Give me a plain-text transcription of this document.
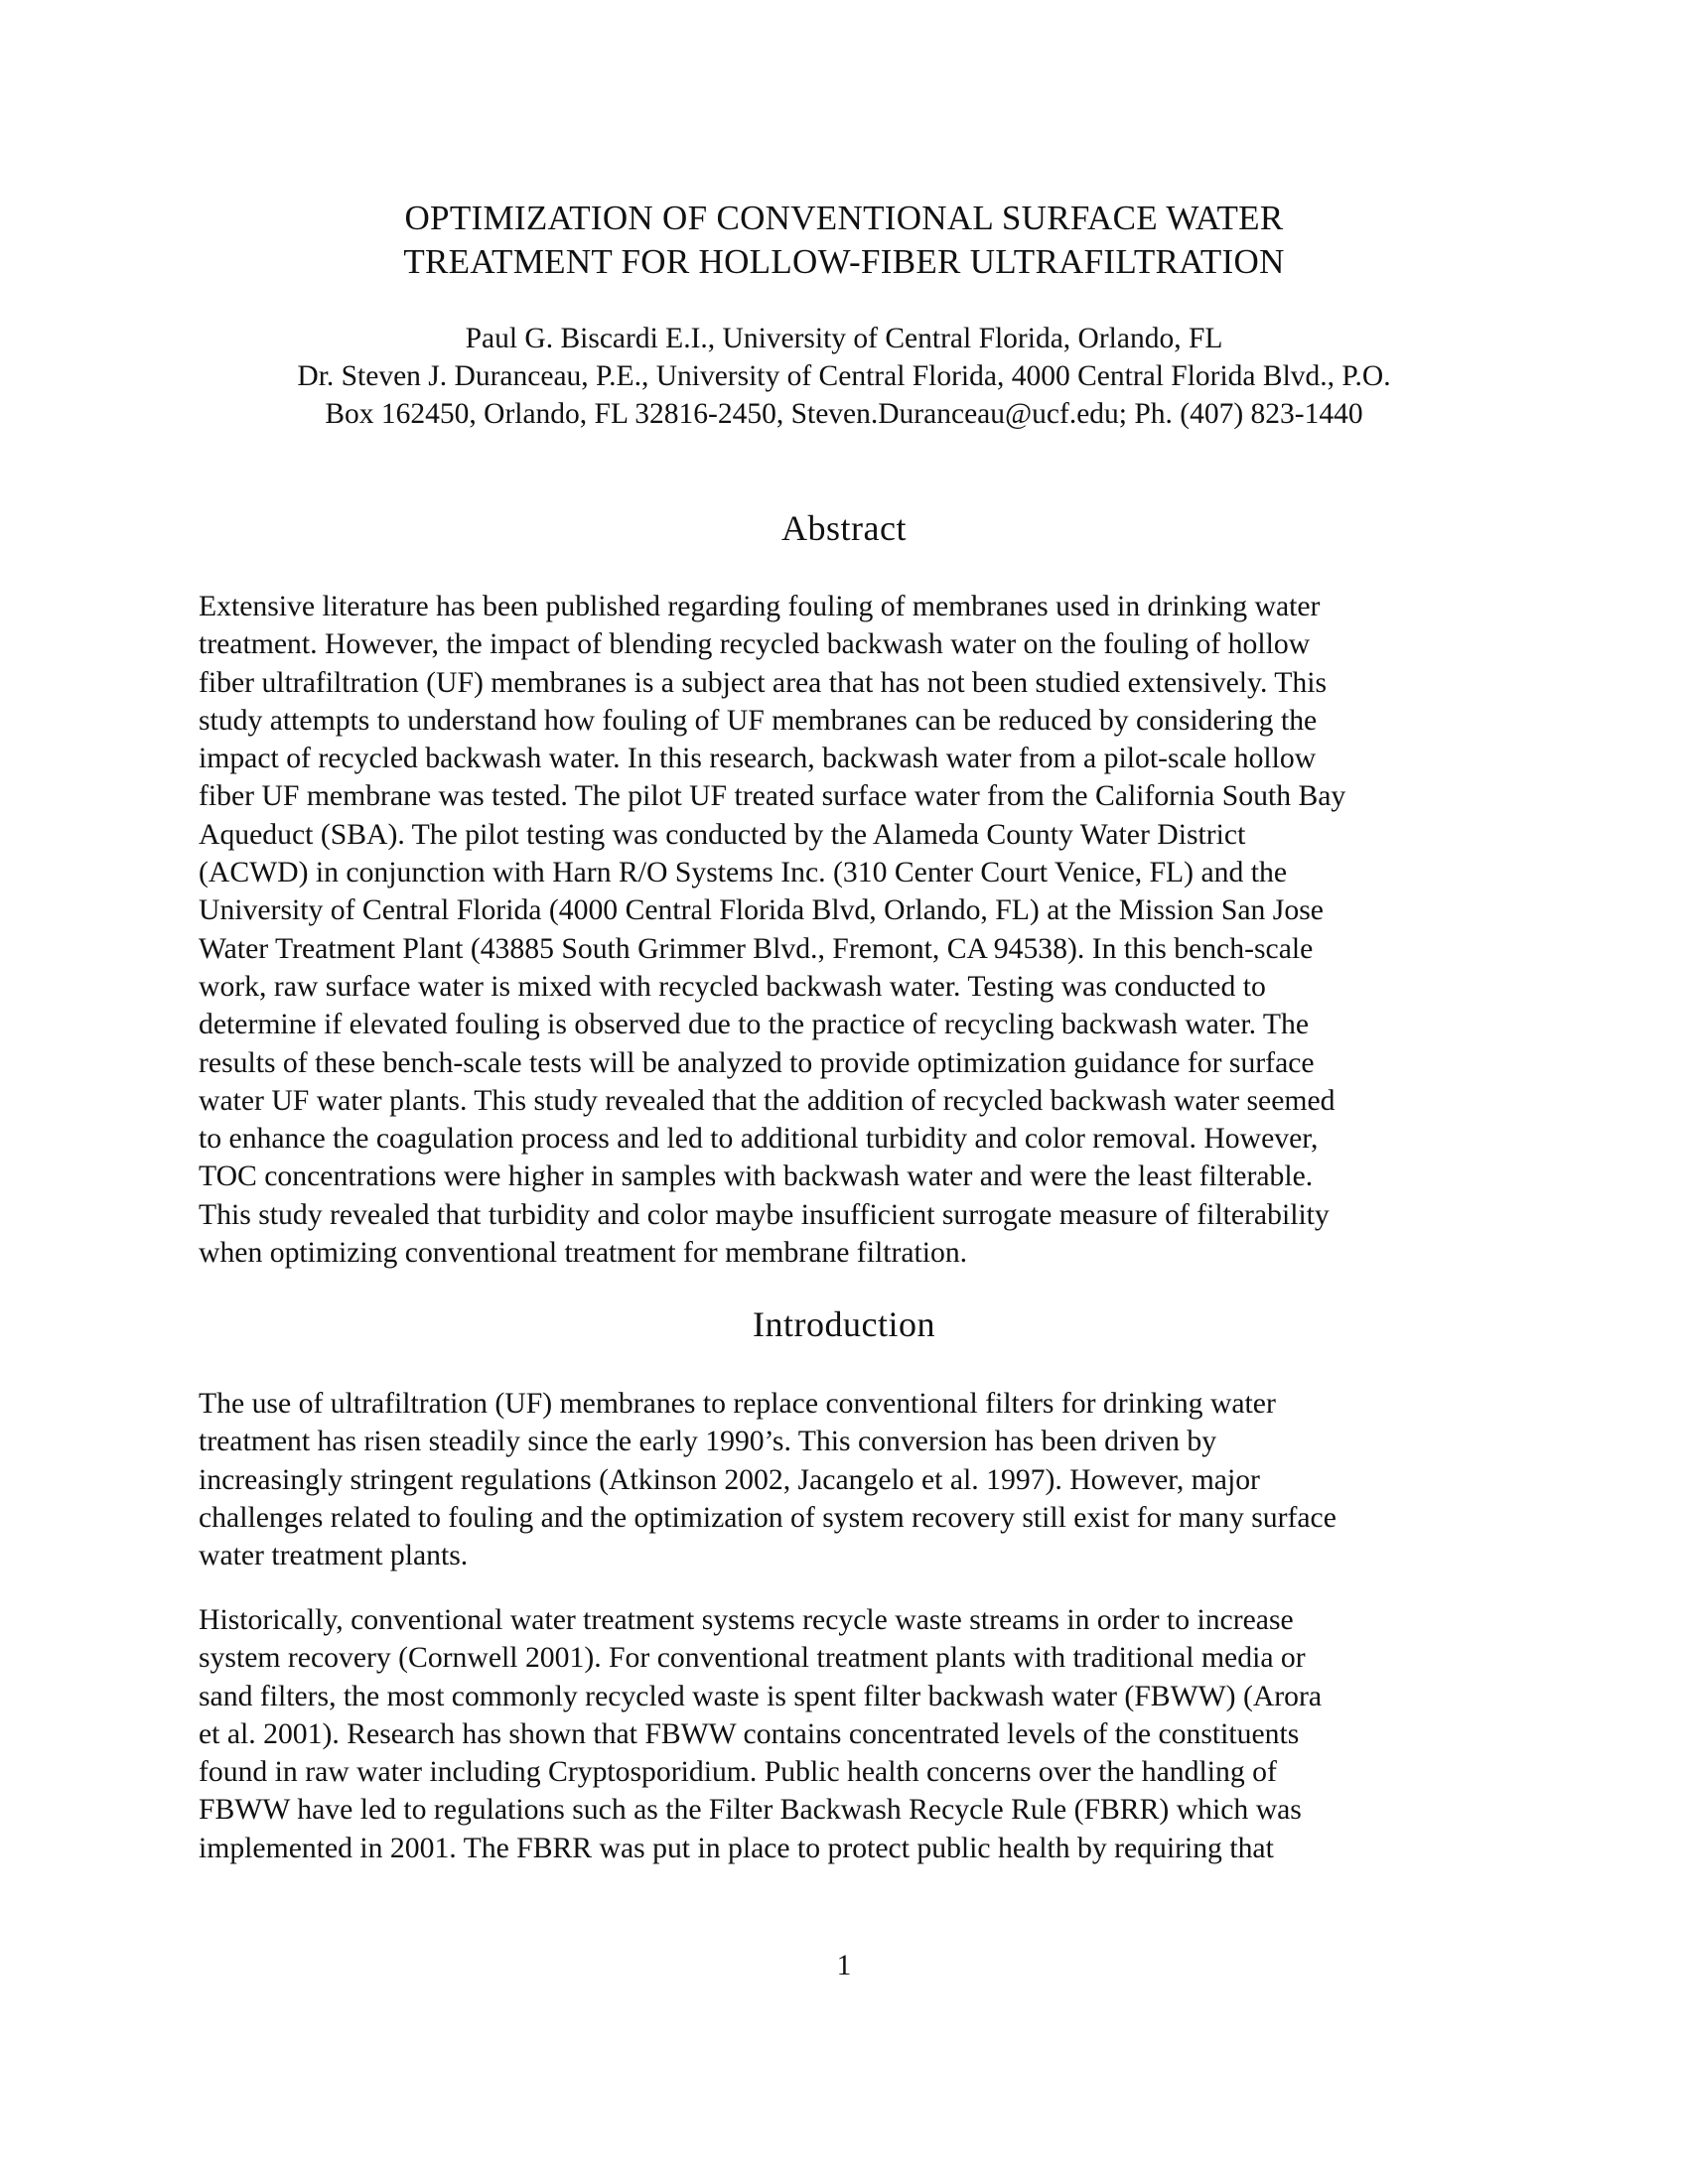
OPTIMIZATION OF CONVENTIONAL SURFACE WATER
TREATMENT FOR HOLLOW-FIBER ULTRAFILTRATION
Paul G. Biscardi E.I., University of Central Florida, Orlando, FL
Dr. Steven J. Duranceau, P.E., University of Central Florida, 4000 Central Florida Blvd., P.O.
Box 162450, Orlando, FL 32816-2450, Steven.Duranceau@ucf.edu; Ph. (407) 823-1440
Abstract
Extensive literature has been published regarding fouling of membranes used in drinking water
treatment. However, the impact of blending recycled backwash water on the fouling of hollow
fiber ultrafiltration (UF) membranes is a subject area that has not been studied extensively. This
study attempts to understand how fouling of UF membranes can be reduced by considering the
impact of recycled backwash water. In this research, backwash water from a pilot-scale hollow
fiber UF membrane was tested. The pilot UF treated surface water from the California South Bay
Aqueduct (SBA). The pilot testing was conducted by the Alameda County Water District
(ACWD) in conjunction with Harn R/O Systems Inc. (310 Center Court Venice, FL) and the
University of Central Florida (4000 Central Florida Blvd, Orlando, FL) at the Mission San Jose
Water Treatment Plant (43885 South Grimmer Blvd., Fremont, CA 94538). In this bench-scale
work, raw surface water is mixed with recycled backwash water. Testing was conducted to
determine if elevated fouling is observed due to the practice of recycling backwash water. The
results of these bench-scale tests will be analyzed to provide optimization guidance for surface
water UF water plants. This study revealed that the addition of recycled backwash water seemed
to enhance the coagulation process and led to additional turbidity and color removal. However,
TOC concentrations were higher in samples with backwash water and were the least filterable.
This study revealed that turbidity and color maybe insufficient surrogate measure of filterability
when optimizing conventional treatment for membrane filtration.
Introduction
The use of ultrafiltration (UF) membranes to replace conventional filters for drinking water
treatment has risen steadily since the early 1990’s. This conversion has been driven by
increasingly stringent regulations (Atkinson 2002, Jacangelo et al. 1997). However, major
challenges related to fouling and the optimization of system recovery still exist for many surface
water treatment plants.
Historically, conventional water treatment systems recycle waste streams in order to increase
system recovery (Cornwell 2001). For conventional treatment plants with traditional media or
sand filters, the most commonly recycled waste is spent filter backwash water (FBWW) (Arora
et al. 2001). Research has shown that FBWW contains concentrated levels of the constituents
found in raw water including Cryptosporidium. Public health concerns over the handling of
FBWW have led to regulations such as the Filter Backwash Recycle Rule (FBRR) which was
implemented in 2001. The FBRR was put in place to protect public health by requiring that
1
